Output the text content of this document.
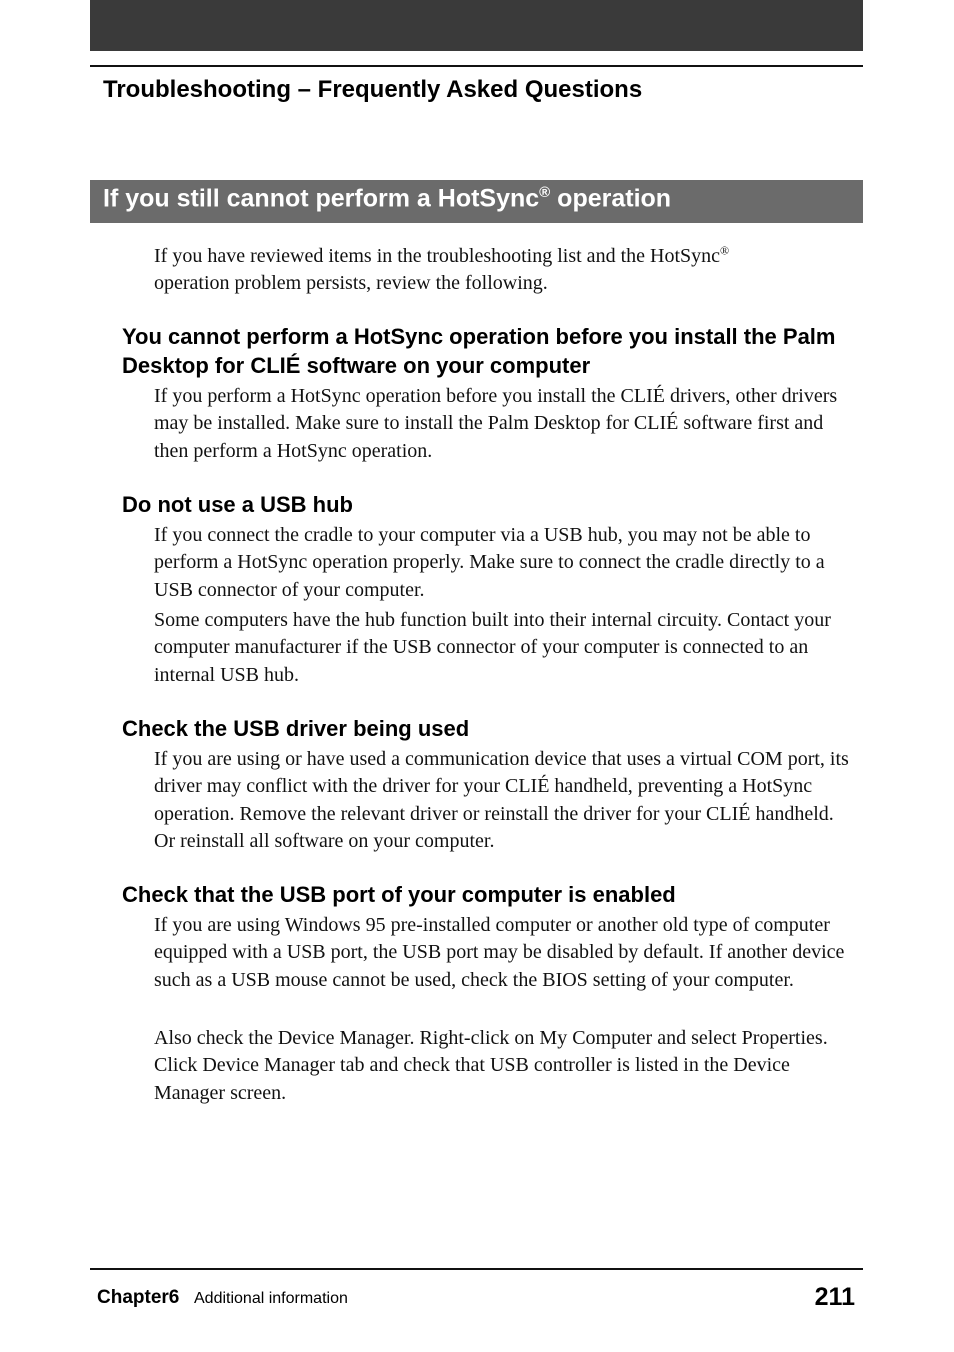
Troubleshooting – Frequently Asked Questions
If you still cannot perform a HotSync® operation

If you have reviewed items in the troubleshooting list and the HotSync®
operation problem persists, review the following.

You cannot perform a HotSync operation before you install the Palm Desktop for CLIÉ software on your computer

If you perform a HotSync operation before you install the CLIÉ drivers, other drivers may be installed. Make sure to install the Palm Desktop for CLIÉ software first and then perform a HotSync operation.

Do not use a USB hub

If you connect the cradle to your computer via a USB hub, you may not be able to perform a HotSync operation properly. Make sure to connect the cradle directly to a USB connector of your computer.

Some computers have the hub function built into their internal circuity. Contact your computer manufacturer if the USB connector of your computer is connected to an internal USB hub.

Check the USB driver being used

If you are using or have used a communication device that uses a virtual COM port, its driver may conflict with the driver for your CLIÉ handheld, preventing a HotSync operation. Remove the relevant driver or reinstall the driver for your CLIÉ handheld. Or reinstall all software on your computer.

Check that the USB port of your computer is enabled

If you are using Windows 95 pre-installed computer or another old type of computer equipped with a USB port, the USB port may be disabled by default. If another device such as a USB mouse cannot be used, check the BIOS setting of your computer.

Also check the Device Manager. Right-click on My Computer and select Properties. Click Device Manager tab and check that USB controller is listed in the Device Manager screen.

Chapter6 Additional information	211
